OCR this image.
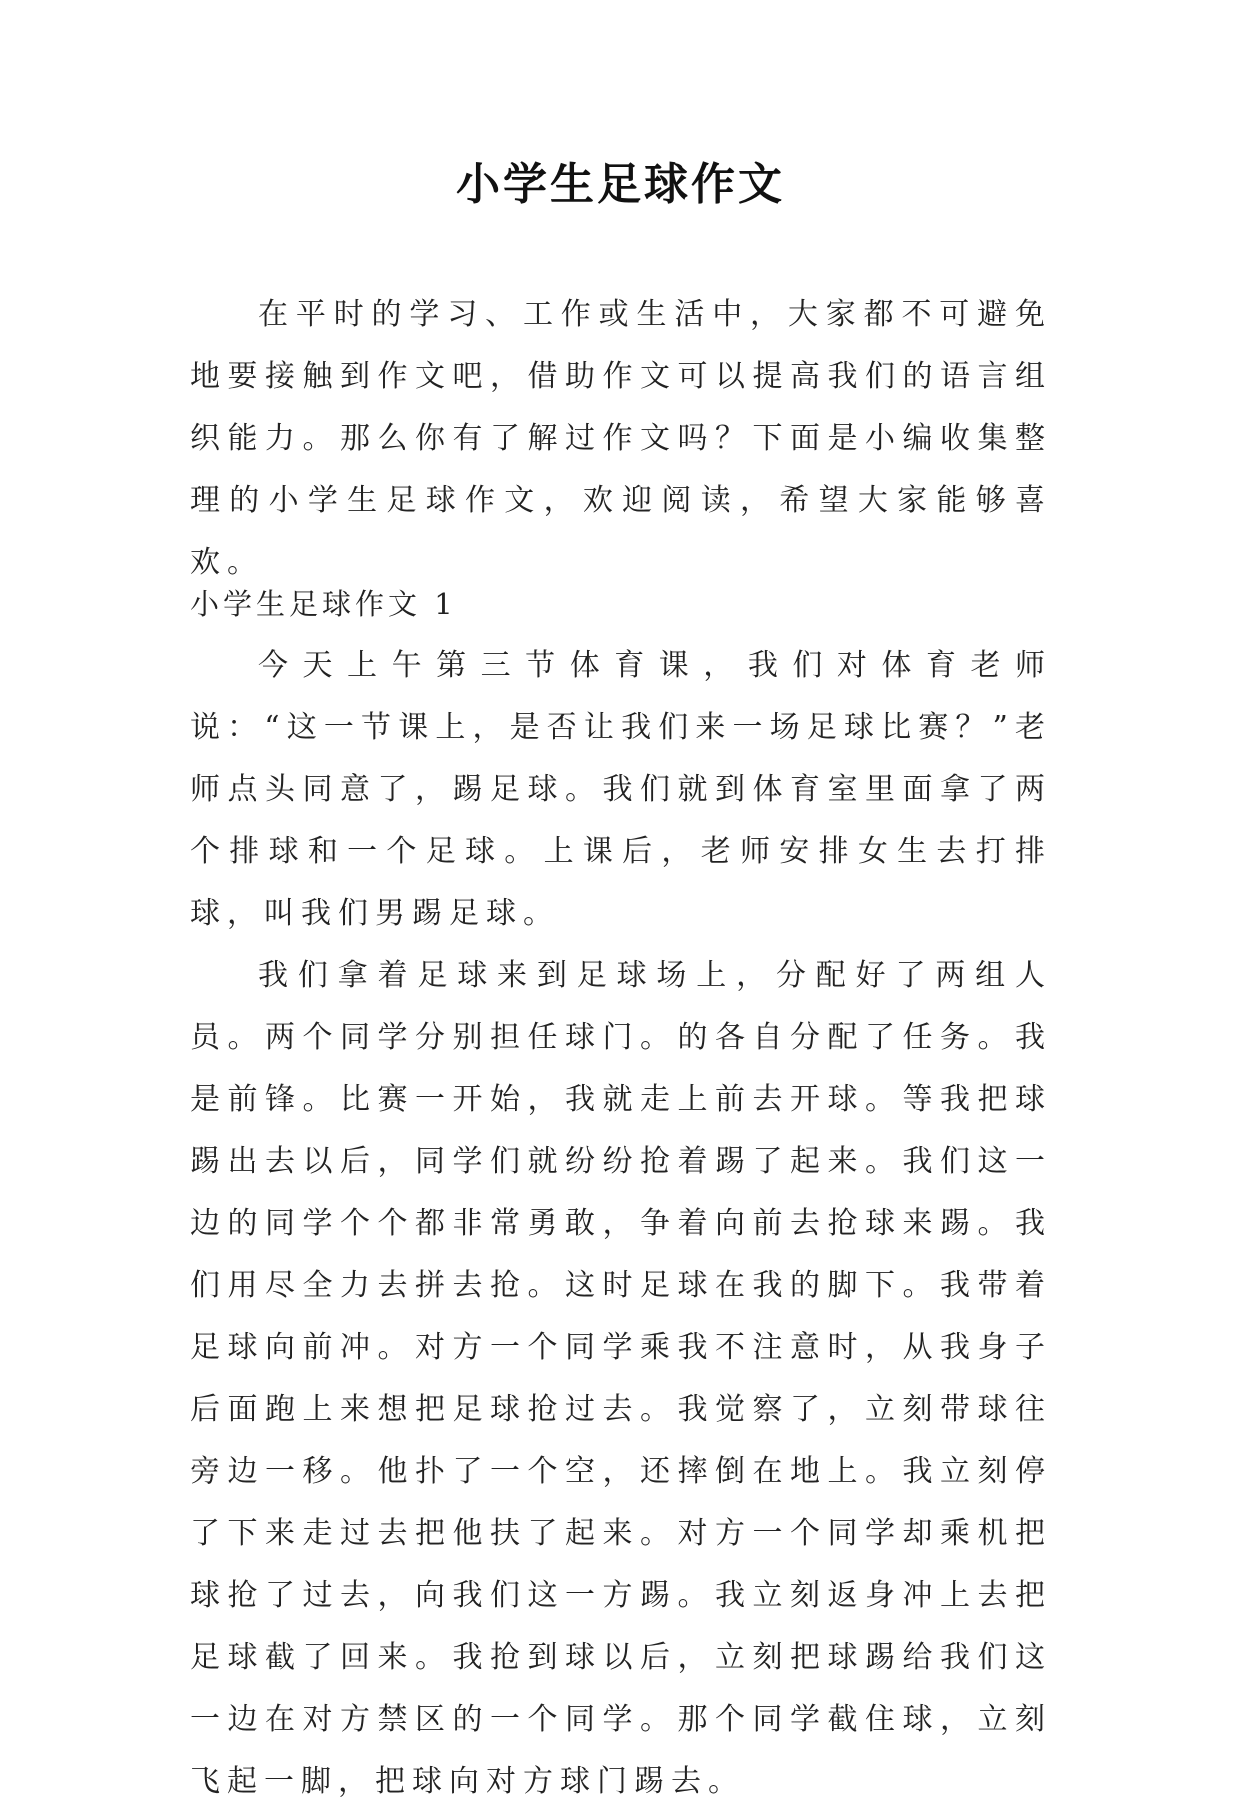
小学生足球作文

在平时的学习、工作或生活中，大家都不可避免地要接触到作文吧，借助作文可以提高我们的语言组织能力。那么你有了解过作文吗？下面是小编收集整理的小学生足球作文，欢迎阅读，希望大家能够喜欢。

小学生足球作文 1

今天上午第三节体育课，我们对体育老师说：“这一节课上，是否让我们来一场足球比赛？”老师点头同意了，踢足球。我们就到体育室里面拿了两个排球和一个足球。上课后，老师安排女生去打排球，叫我们男踢足球。

我们拿着足球来到足球场上，分配好了两组人员。两个同学分别担任球门。的各自分配了任务。我是前锋。比赛一开始，我就走上前去开球。等我把球踢出去以后，同学们就纷纷抢着踢了起来。我们这一边的同学个个都非常勇敢，争着向前去抢球来踢。我们用尽全力去拼去抢。这时足球在我的脚下。我带着足球向前冲。对方一个同学乘我不注意时，从我身子后面跑上来想把足球抢过去。我觉察了，立刻带球往旁边一移。他扑了一个空，还摔倒在地上。我立刻停了下来走过去把他扶了起来。对方一个同学却乘机把球抢了过去，向我们这一方踢。我立刻返身冲上去把足球截了回来。我抢到球以后，立刻把球踢给我们这一边在对方禁区的一个同学。那个同学截住球，立刻飞起一脚，把球向对方球门踢去。
